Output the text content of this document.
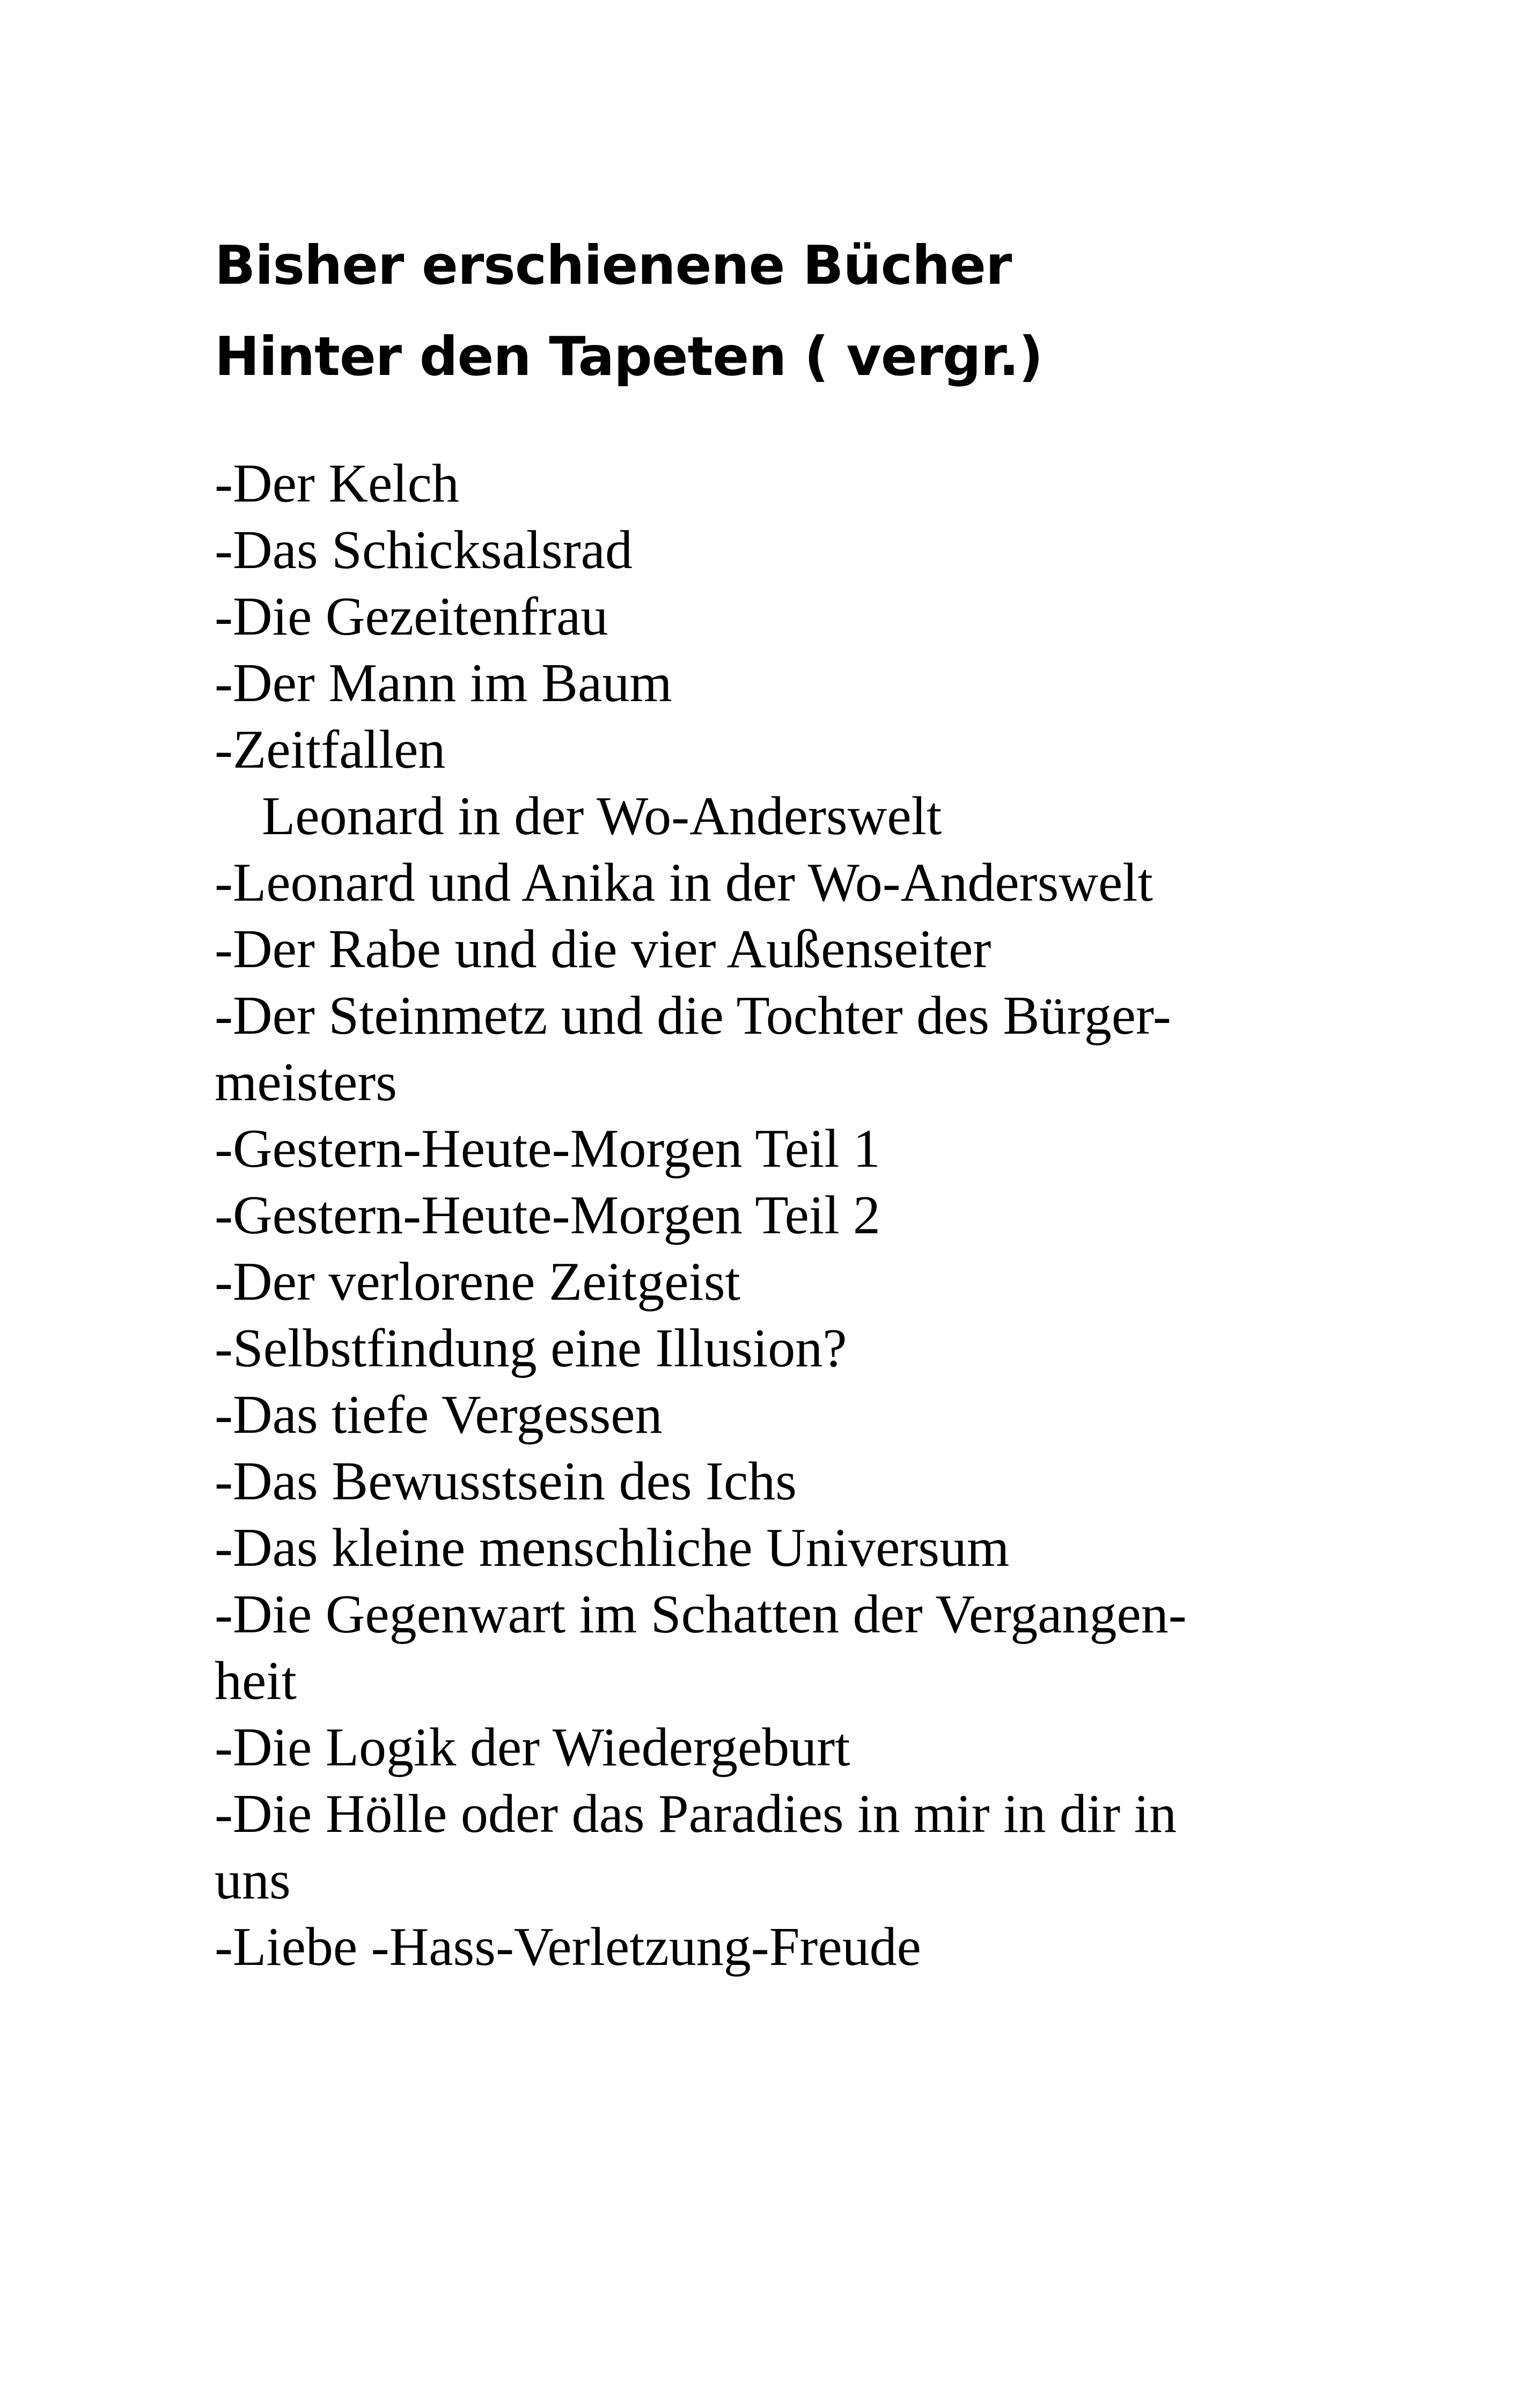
Bisher erschienene Bücher
Hinter den Tapeten ( vergr.)
-Der Kelch
-Das Schicksalsrad
-Die Gezeitenfrau
-Der Mann im Baum
-Zeitfallen
Leonard in der Wo-Anderswelt
-Leonard und Anika in der Wo-Anderswelt
-Der Rabe und die vier Außenseiter
-Der Steinmetz und die Tochter des Bürger-
meisters
-Gestern-Heute-Morgen Teil 1
-Gestern-Heute-Morgen Teil 2
-Der verlorene Zeitgeist
-Selbstfindung eine Illusion?
-Das tiefe Vergessen
-Das Bewusstsein des Ichs
-Das kleine menschliche Universum
-Die Gegenwart im Schatten der Vergangen-
heit
-Die Logik der Wiedergeburt
-Die Hölle oder das Paradies in mir in dir in
uns
-Liebe -Hass-Verletzung-Freude
